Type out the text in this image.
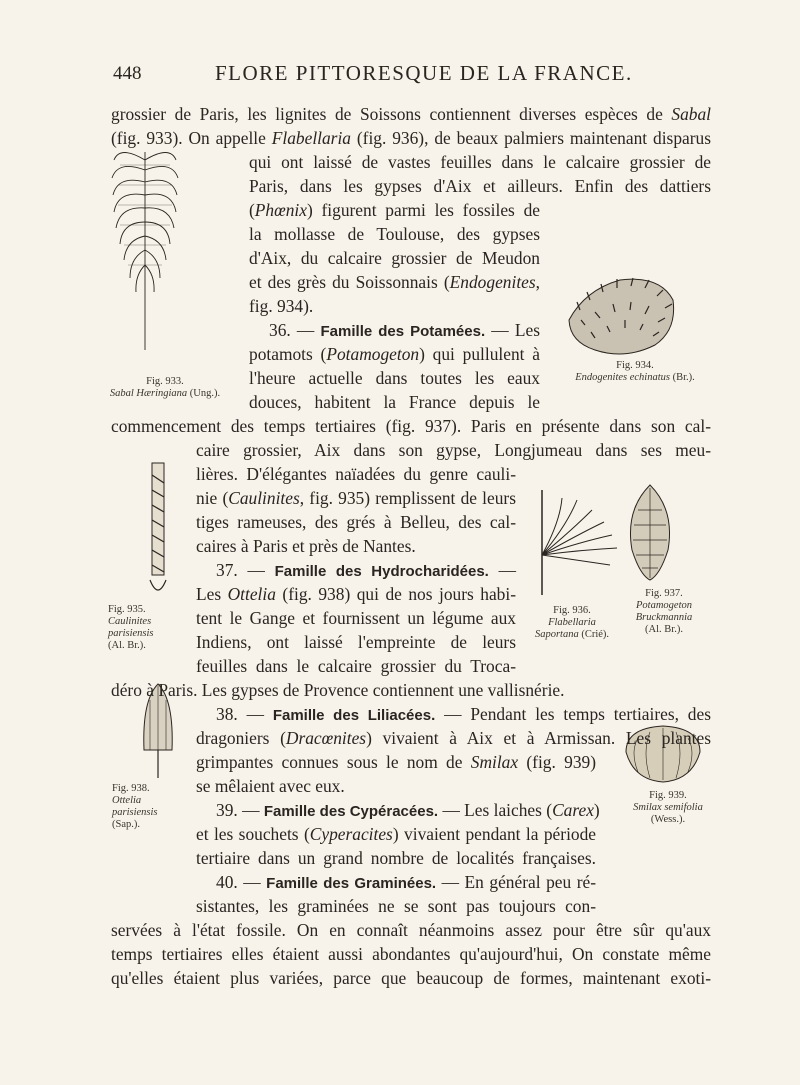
448	FLORE PITTORESQUE DE LA FRANCE.
Fig. 933.
Sabal Hæringiana (Ung.).
Fig. 934.
Endogenites echinatus (Br.).
Fig. 935.
Caulinites
parisiensis
(Al. Br.).
Fig. 936.
Flabellaria
Saportana (Crié).
Fig. 937.
Potamogeton
Bruckmannia
(Al. Br.).
Fig. 938.
Ottelia
parisiensis
(Sap.).
Fig. 939.
Smilax semifolia
(Wess.).
grossier de Paris, les lignites de Soissons contiennent diverses espèces de Sabal
(fig. 933). On appelle Flabellaria (fig. 936), de beaux palmiers maintenant disparus
qui ont laissé de vastes feuilles dans le calcaire grossier de
Paris, dans les gypses d'Aix et ailleurs. Enfin des dattiers
(Phœnix) figurent parmi les fossiles de
la mollasse de Toulouse, des gypses
d'Aix, du calcaire grossier de Meudon
et des grès du Soissonnais (Endogenites,
fig. 934).
36. — Famille des Potamées. — Les
potamots (Potamogeton) qui pullulent à
l'heure actuelle dans toutes les eaux
douces, habitent la France depuis le
commencement des temps tertiaires (fig. 937). Paris en présente dans son cal-
caire grossier, Aix dans son gypse, Longjumeau dans ses meu-
lières. D'élégantes naïadées du genre cauli-
nie (Caulinites, fig. 935) remplissent de leurs
tiges rameuses, des grés à Belleu, des cal-
caires à Paris et près de Nantes.
37. — Famille des Hydrocharidées. —
Les Ottelia (fig. 938) qui de nos jours habi-
tent le Gange et fournissent un légume aux
Indiens, ont laissé l'empreinte de leurs
feuilles dans le calcaire grossier du Troca-
déro à Paris. Les gypses de Provence contiennent une vallisnérie.
38. — Famille des Liliacées. — Pendant les temps tertiaires, des
dragoniers (Dracœnites) vivaient à Aix et à Armissan. Les plantes
grimpantes connues sous le nom de Smilax (fig. 939)
se mêlaient avec eux.
39. — Famille des Cypéracées. — Les laiches (Carex)
et les souchets (Cyperacites) vivaient pendant la période
tertiaire dans un grand nombre de localités françaises.
40. — Famille des Graminées. — En général peu ré-
sistantes, les graminées ne se sont pas toujours con-
servées à l'état fossile. On en connaît néanmoins assez pour être sûr qu'aux
temps tertiaires elles étaient aussi abondantes qu'aujourd'hui, On constate même
qu'elles étaient plus variées, parce que beaucoup de formes, maintenant exoti-
